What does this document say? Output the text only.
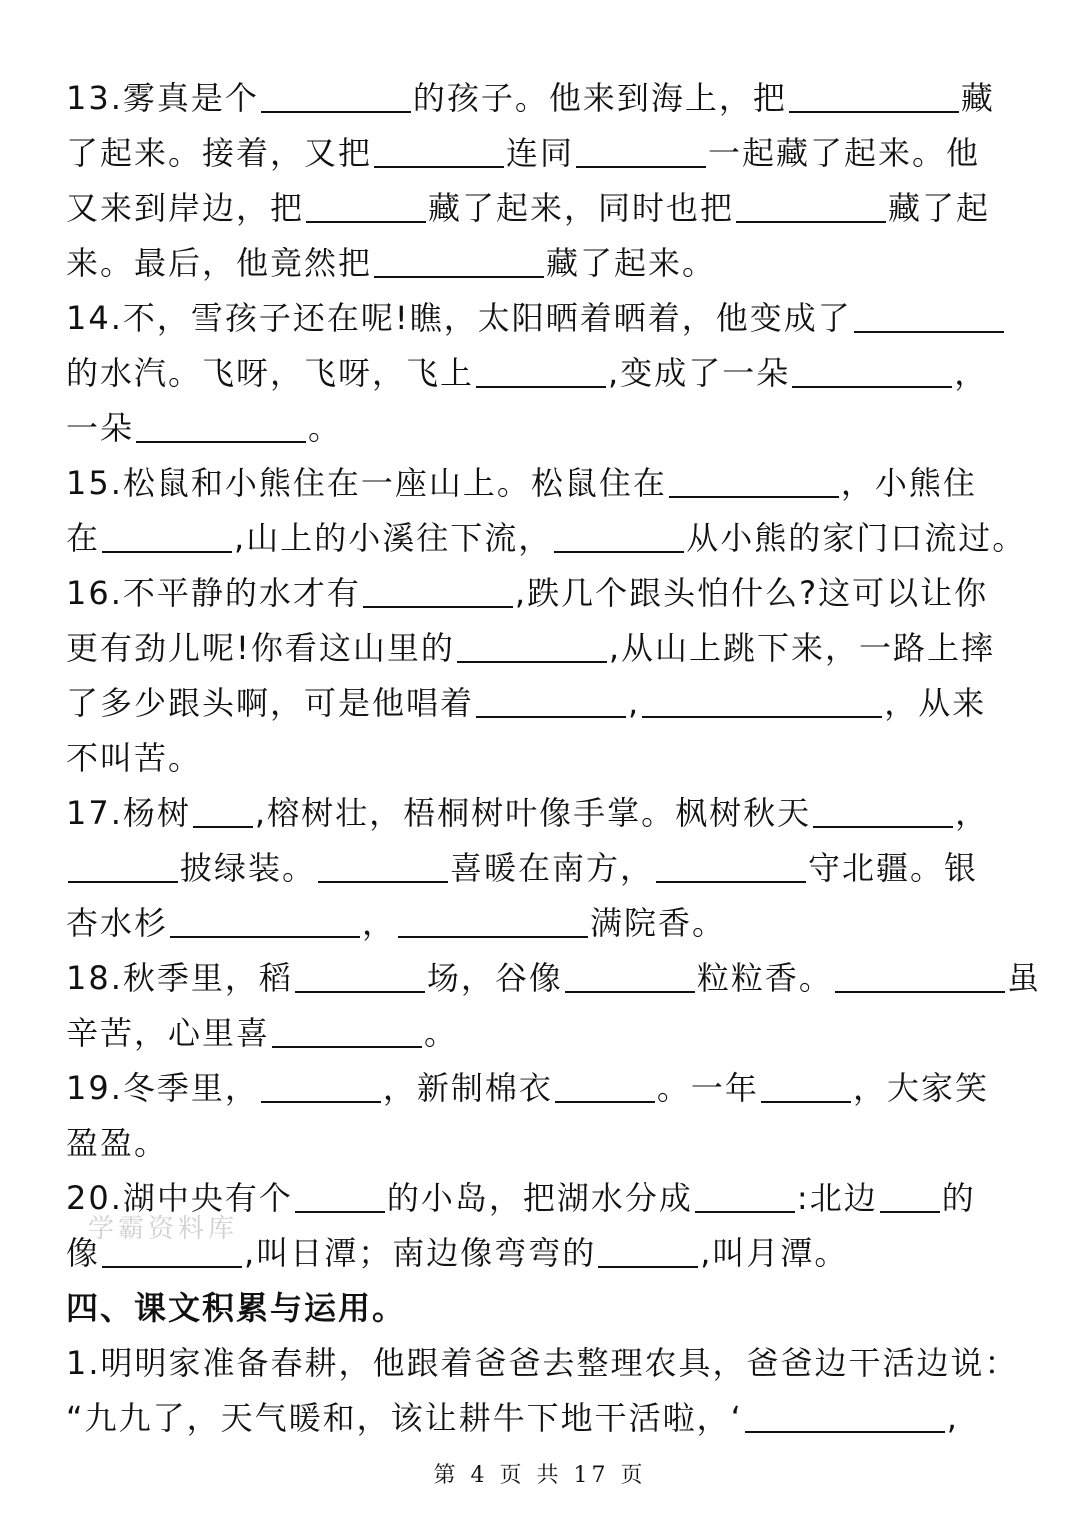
13.雾真是个	的孩子。他来到海上，把	藏
了起来。接着，又把	连同	一起藏了起来。他
又来到岸边，把	藏了起来，同时也把	藏了起
来。最后，他竟然把	藏了起来。
14.不，雪孩子还在呢!瞧，太阳晒着晒着，他变成了
的水汽。飞呀，飞呀，飞上	,变成了一朵	，
一朵	。
15.松鼠和小熊住在一座山上。松鼠住在	，小熊住
在	,山上的小溪往下流，	从小熊的家门口流过。
16.不平静的水才有	,跌几个跟头怕什么?这可以让你
更有劲儿呢!你看这山里的	,从山上跳下来，一路上摔
了多少跟头啊，可是他唱着	,	，从来
不叫苦。
17.杨树 ,榕树壮，梧桐树叶像手掌。枫树秋天	，
披绿装。	喜暖在南方，	守北疆。银
杏水杉	，	满院香。
18.秋季里，稻	场，谷像	粒粒香。	虽
辛苦，心里喜	。
19.冬季里，	，新制棉衣	。一年	，大家笑
盈盈。
20.湖中央有个	的小岛，把湖水分成	:北边 的
像	,叫日潭；南边像弯弯的	,叫月潭。
四、课文积累与运用。
1.明明家准备春耕，他跟着爸爸去整理农具，爸爸边干活边说：
“九九了，天气暖和，该让耕牛下地干活啦，‘	,
学霸资料库
第 4 页 共 17 页
